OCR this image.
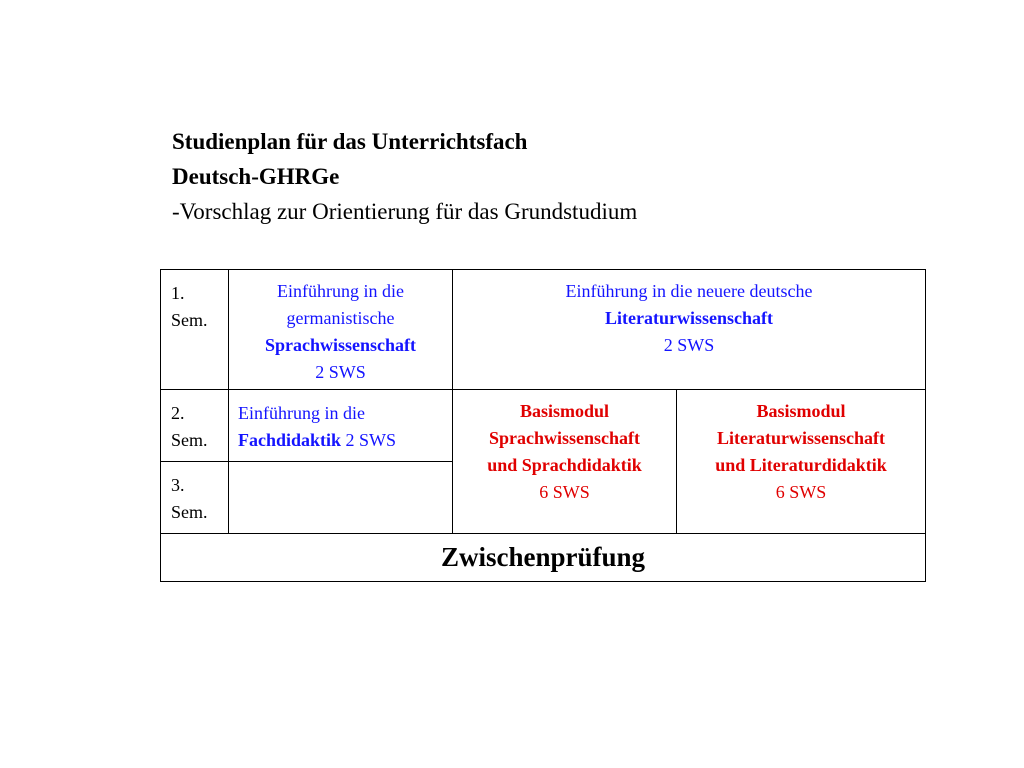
Studienplan für das Unterrichtsfach
Deutsch-GHRGe
-Vorschlag zur Orientierung für das Grundstudium
1.
Sem.	Einführung in die
germanistische
Sprachwissenschaft
2 SWS	Einführung in die neuere deutsche
Literaturwissenschaft
2 SWS	

2.
Sem.	Einführung in die
Fachdidaktik 2 SWS	Basismodul
Sprachwissenschaft
und Sprachdidaktik
6 SWS	Basismodul
Literaturwissenschaft
und Literaturdidaktik
6 SWS

3.
Sem.			

Zwischenprüfung			
